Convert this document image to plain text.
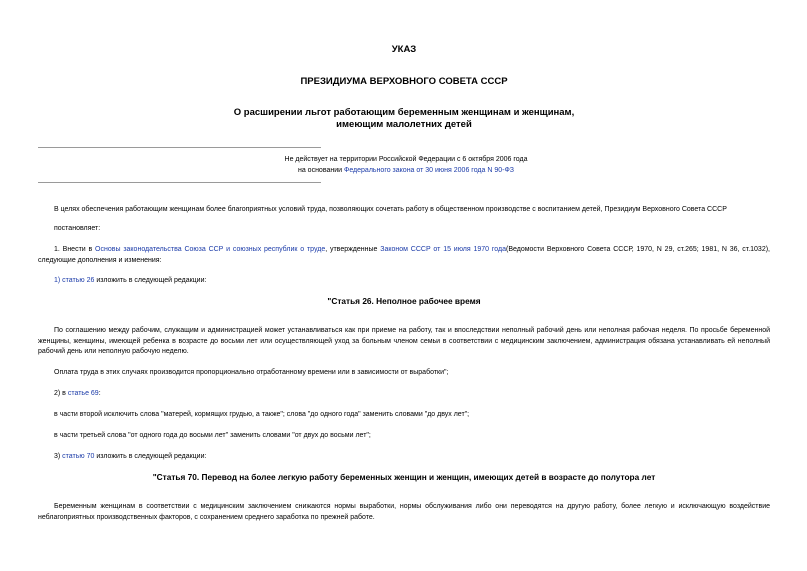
УКАЗ
ПРЕЗИДИУМА ВЕРХОВНОГО СОВЕТА СССР
О расширении льгот работающим беременным женщинам и женщинам,
имеющим малолетних детей
Не действует на территории Российской Федерации с 6 октября 2006 года
на основании Федерального закона от 30 июня 2006 года N 90-ФЗ
В целях обеспечения работающим женщинам более благоприятных условий труда, позволяющих сочетать работу в общественном производстве с воспитанием детей, Президиум Верховного Совета СССР
постановляет:
1. Внести в Основы законодательства Союза ССР и союзных республик о труде, утвержденные Законом СССР от 15 июля 1970 года(Ведомости Верховного Совета СССР, 1970, N 29, ст.265; 1981, N 36, ст.1032), следующие дополнения и изменения:
1) статью 26 изложить в следующей редакции:
"Статья 26. Неполное рабочее время
По соглашению между рабочим, служащим и администрацией может устанавливаться как при приеме на работу, так и впоследствии неполный рабочий день или неполная рабочая неделя. По просьбе беременной женщины, женщины, имеющей ребенка в возрасте до восьми лет или осуществляющей уход за больным членом семьи в соответствии с медицинским заключением, администрация обязана устанавливать ей неполный рабочий день или неполную рабочую неделю.
Оплата труда в этих случаях производится пропорционально отработанному времени или в зависимости от выработки";
2) в статье 69:
в части второй исключить слова "матерей, кормящих грудью, а также"; слова "до одного года" заменить словами "до двух лет";
в части третьей слова "от одного года до восьми лет" заменить словами "от двух до восьми лет";
3) статью 70 изложить в следующей редакции:
"Статья 70. Перевод на более легкую работу беременных женщин и женщин, имеющих детей в возрасте до полутора лет
Беременным женщинам в соответствии с медицинским заключением снижаются нормы выработки, нормы обслуживания либо они переводятся на другую работу, более легкую и исключающую воздействие неблагоприятных производственных факторов, с сохранением среднего заработка по прежней работе.
